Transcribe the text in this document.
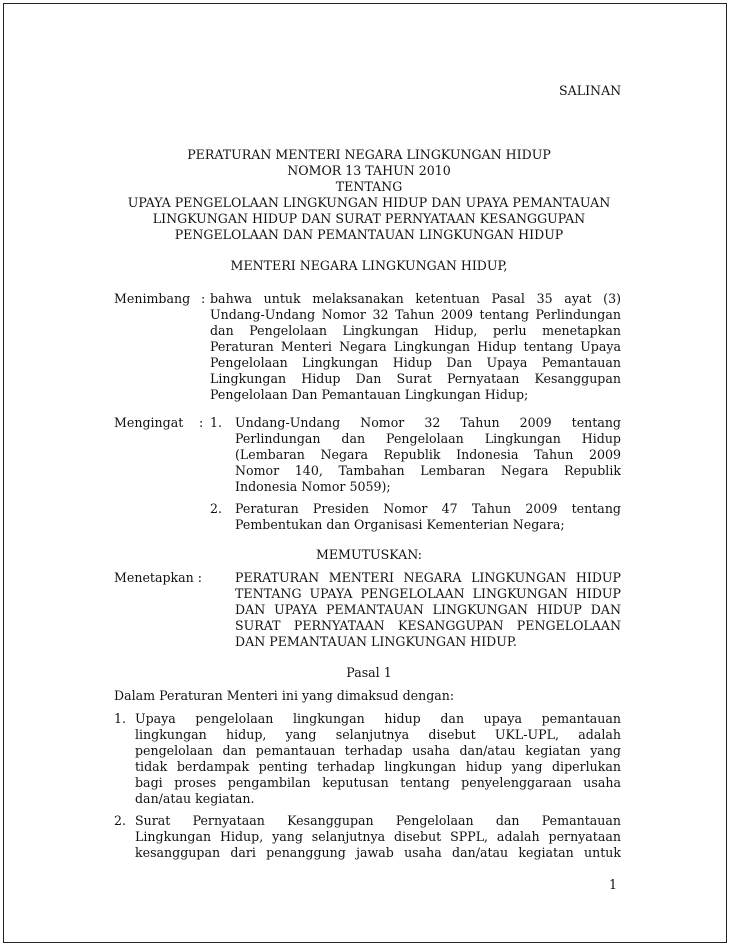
SALINAN
PERATURAN MENTERI NEGARA LINGKUNGAN HIDUP
NOMOR 13 TAHUN 2010
TENTANG
UPAYA PENGELOLAAN LINGKUNGAN HIDUP DAN UPAYA PEMANTAUAN
LINGKUNGAN HIDUP DAN SURAT PERNYATAAN KESANGGUPAN
PENGELOLAAN DAN PEMANTAUAN LINGKUNGAN HIDUP
MENTERI NEGARA LINGKUNGAN HIDUP,
Menimbang : bahwa untuk melaksanakan ketentuan Pasal 35 ayat (3)
Undang-Undang Nomor 32 Tahun 2009 tentang Perlindungan
dan Pengelolaan Lingkungan Hidup, perlu menetapkan
Peraturan Menteri Negara Lingkungan Hidup tentang Upaya
Pengelolaan Lingkungan Hidup Dan Upaya Pemantauan
Lingkungan Hidup Dan Surat Pernyataan Kesanggupan
Pengelolaan Dan Pemantauan Lingkungan Hidup;
Mengingat : 1. Undang-Undang Nomor 32 Tahun 2009 tentang
Perlindungan dan Pengelolaan Lingkungan Hidup
(Lembaran Negara Republik Indonesia Tahun 2009
Nomor 140, Tambahan Lembaran Negara Republik
Indonesia Nomor 5059);
2. Peraturan Presiden Nomor 47 Tahun 2009 tentang
Pembentukan dan Organisasi Kementerian Negara;
MEMUTUSKAN:
Menetapkan :	PERATURAN MENTERI NEGARA LINGKUNGAN HIDUP
TENTANG UPAYA PENGELOLAAN LINGKUNGAN HIDUP
DAN UPAYA PEMANTAUAN LINGKUNGAN HIDUP DAN
SURAT PERNYATAAN KESANGGUPAN PENGELOLAAN
DAN PEMANTAUAN LINGKUNGAN HIDUP.
Pasal 1
Dalam Peraturan Menteri ini yang dimaksud dengan:
1. Upaya pengelolaan lingkungan hidup dan upaya pemantauan
lingkungan hidup, yang selanjutnya disebut UKL-UPL, adalah
pengelolaan dan pemantauan terhadap usaha dan/atau kegiatan yang
tidak berdampak penting terhadap lingkungan hidup yang diperlukan
bagi proses pengambilan keputusan tentang penyelenggaraan usaha
dan/atau kegiatan.
2. Surat Pernyataan Kesanggupan Pengelolaan dan Pemantauan
Lingkungan Hidup, yang selanjutnya disebut SPPL, adalah pernyataan
kesanggupan dari penanggung jawab usaha dan/atau kegiatan untuk
1
